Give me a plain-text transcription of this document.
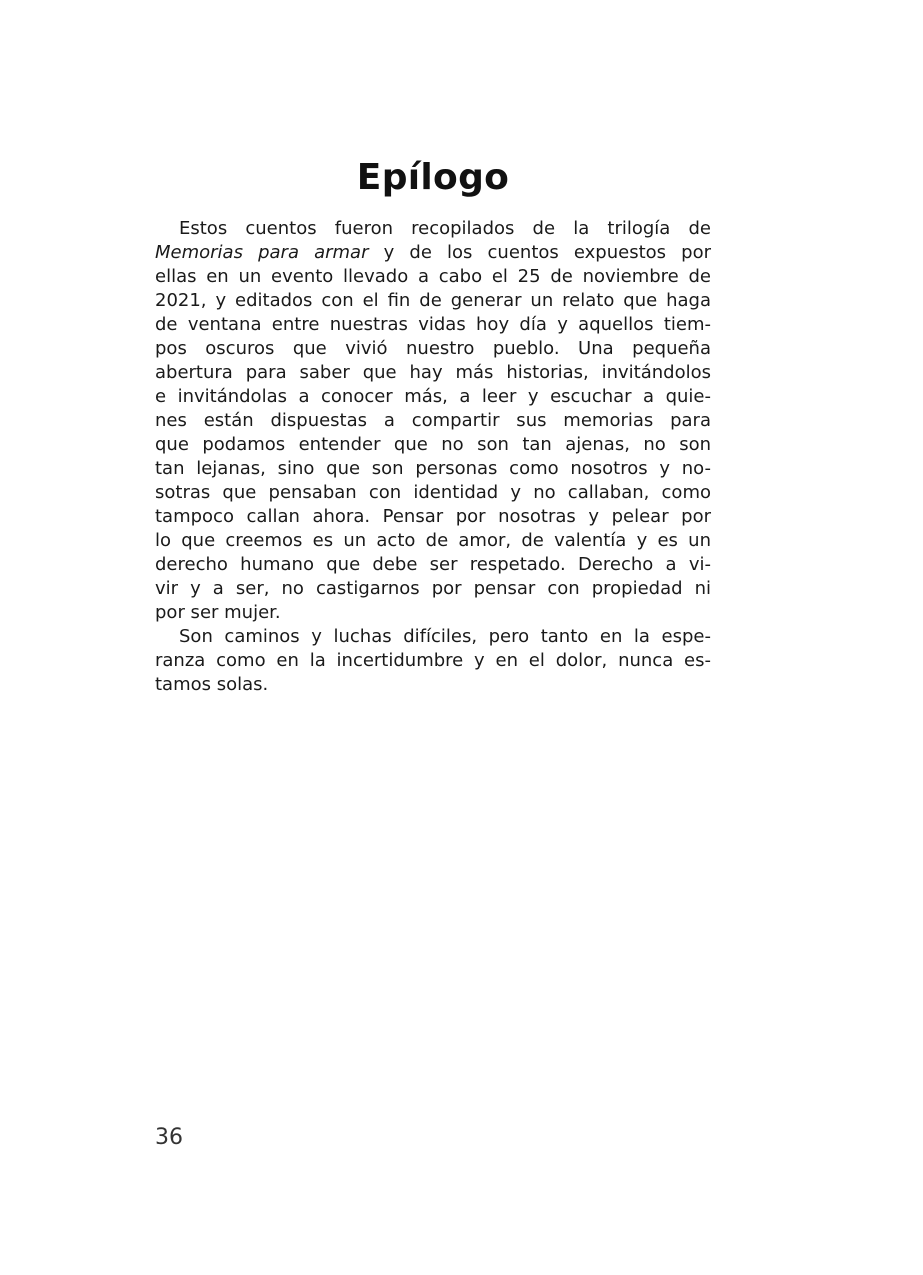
Epílogo
Estos cuentos fueron recopilados de la trilogía de
Memorias para armar y de los cuentos expuestos por
ellas en un evento llevado a cabo el 25 de noviembre de
2021, y editados con el fin de generar un relato que haga
de ventana entre nuestras vidas hoy día y aquellos tiem-
pos oscuros que vivió nuestro pueblo. Una pequeña
abertura para saber que hay más historias, invitándolos
e invitándolas a conocer más, a leer y escuchar a quie-
nes están dispuestas a compartir sus memorias para
que podamos entender que no son tan ajenas, no son
tan lejanas, sino que son personas como nosotros y no-
sotras que pensaban con identidad y no callaban, como
tampoco callan ahora. Pensar por nosotras y pelear por
lo que creemos es un acto de amor, de valentía y es un
derecho humano que debe ser respetado. Derecho a vi-
vir y a ser, no castigarnos por pensar con propiedad ni
por ser mujer.
Son caminos y luchas difíciles, pero tanto en la espe-
ranza como en la incertidumbre y en el dolor, nunca es-
tamos solas.
36
